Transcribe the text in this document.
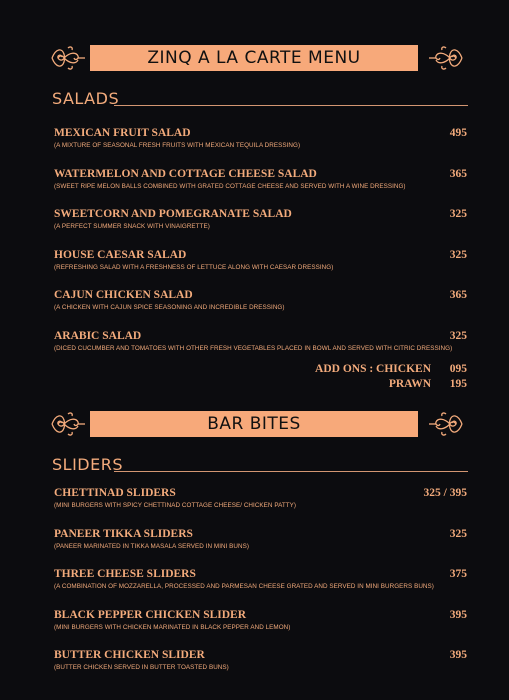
ZINQ A LA CARTE MENU
SALADS
MEXICAN FRUIT SALAD	495
(A MIXTURE OF SEASONAL FRESH FRUITS WITH MEXICAN TEQUILA DRESSING)
WATERMELON AND COTTAGE CHEESE SALAD	365
(SWEET RIPE MELON BALLS COMBINED WITH GRATED COTTAGE CHEESE AND SERVED WITH A WINE DRESSING)
SWEETCORN AND POMEGRANATE SALAD	325
(A PERFECT SUMMER SNACK WITH VINAIGRETTE)
HOUSE CAESAR SALAD	325
(REFRESHING SALAD WITH A FRESHNESS OF LETTUCE ALONG WITH CAESAR DRESSING)
CAJUN CHICKEN SALAD	365
(A CHICKEN WITH CAJUN SPICE SEASONING AND INCREDIBLE DRESSING)
ARABIC SALAD	325
(DICED CUCUMBER AND TOMATOES WITH OTHER FRESH VEGETABLES PLACED IN BOWL AND SERVED WITH CITRIC DRESSING)
ADD ONS : CHICKEN 095
PRAWN 195
BAR BITES
SLIDERS
CHETTINAD SLIDERS	325 / 395
(MINI BURGERS WITH SPICY CHETTINAD COTTAGE CHEESE/ CHICKEN PATTY)
PANEER TIKKA SLIDERS	325
(PANEER MARINATED IN TIKKA MASALA SERVED IN MINI BUNS)
THREE CHEESE SLIDERS	375
(A COMBINATION OF MOZZARELLA, PROCESSED AND PARMESAN CHEESE GRATED AND SERVED IN MINI BURGERS BUNS)
BLACK PEPPER CHICKEN SLIDER	395
(MINI BURGERS WITH CHICKEN MARINATED IN BLACK PEPPER AND LEMON)
BUTTER CHICKEN SLIDER	395
(BUTTER CHICKEN SERVED IN BUTTER TOASTED BUNS)
